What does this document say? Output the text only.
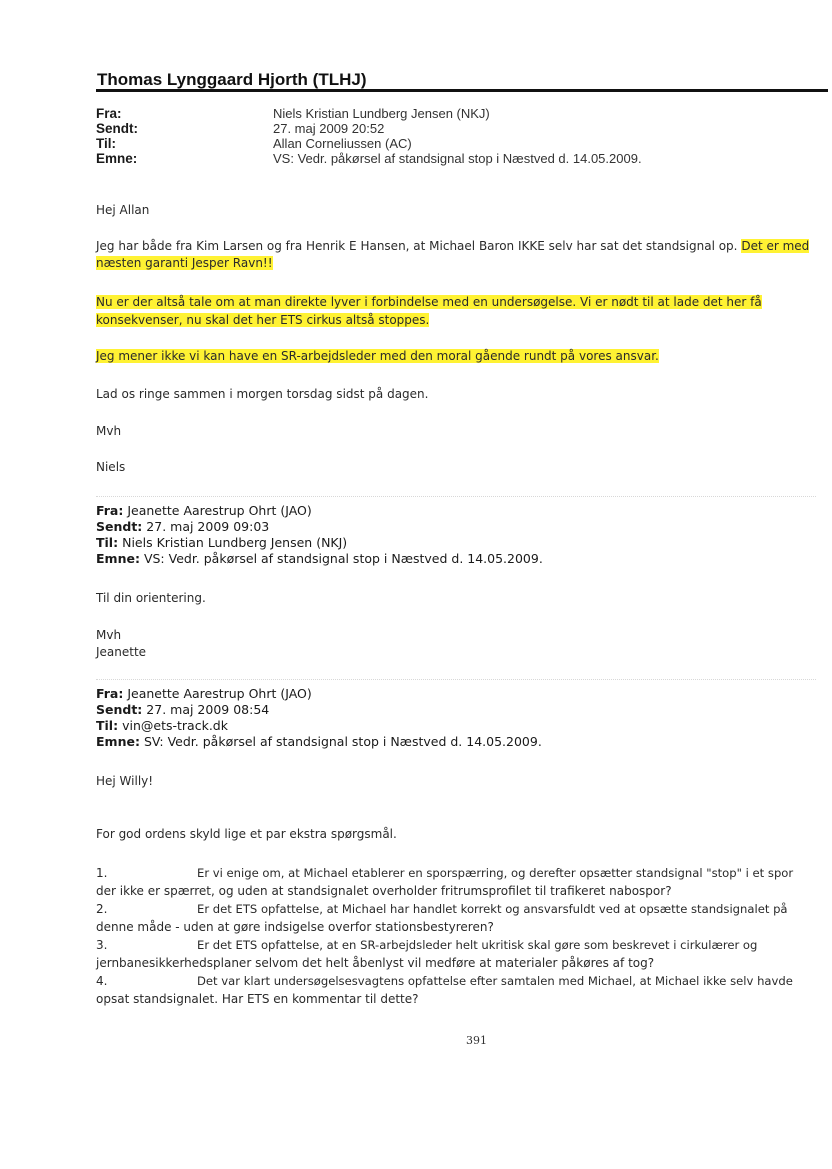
Thomas Lynggaard Hjorth (TLHJ)
Fra:	Niels Kristian Lundberg Jensen (NKJ)
Sendt:	27. maj 2009 20:52
Til:	Allan Corneliussen (AC)
Emne:	VS: Vedr. påkørsel af standsignal stop i Næstved d. 14.05.2009.
Hej Allan
Jeg har både fra Kim Larsen og fra Henrik E Hansen, at Michael Baron IKKE selv har sat det standsignal op. Det er med
næsten garanti Jesper Ravn!!
Nu er der altså tale om at man direkte lyver i forbindelse med en undersøgelse. Vi er nødt til at lade det her få
konsekvenser, nu skal det her ETS cirkus altså stoppes.
Jeg mener ikke vi kan have en SR-arbejdsleder med den moral gående rundt på vores ansvar.
Lad os ringe sammen i morgen torsdag sidst på dagen.
Mvh
Niels
Fra: Jeanette Aarestrup Ohrt (JAO)
Sendt: 27. maj 2009 09:03
Til: Niels Kristian Lundberg Jensen (NKJ)
Emne: VS: Vedr. påkørsel af standsignal stop i Næstved d. 14.05.2009.
Til din orientering.
Mvh
Jeanette
Fra: Jeanette Aarestrup Ohrt (JAO)
Sendt: 27. maj 2009 08:54
Til: vin@ets-track.dk
Emne: SV: Vedr. påkørsel af standsignal stop i Næstved d. 14.05.2009.
Hej Willy!
For god ordens skyld lige et par ekstra spørgsmål.
1.	Er vi enige om, at Michael etablerer en sporspærring, og derefter opsætter standsignal "stop" i et spor
der ikke er spærret, og uden at standsignalet overholder fritrumsprofilet til trafikeret nabospor?
2.	Er det ETS opfattelse, at Michael har handlet korrekt og ansvarsfuldt ved at opsætte standsignalet på
denne måde - uden at gøre indsigelse overfor stationsbestyreren?
3.	Er det ETS opfattelse, at en SR-arbejdsleder helt ukritisk skal gøre som beskrevet i cirkulærer og
jernbanesikkerhedsplaner selvom det helt åbenlyst vil medføre at materialer påkøres af tog?
4.	Det var klart undersøgelsesvagtens opfattelse efter samtalen med Michael, at Michael ikke selv havde
opsat standsignalet. Har ETS en kommentar til dette?
391
